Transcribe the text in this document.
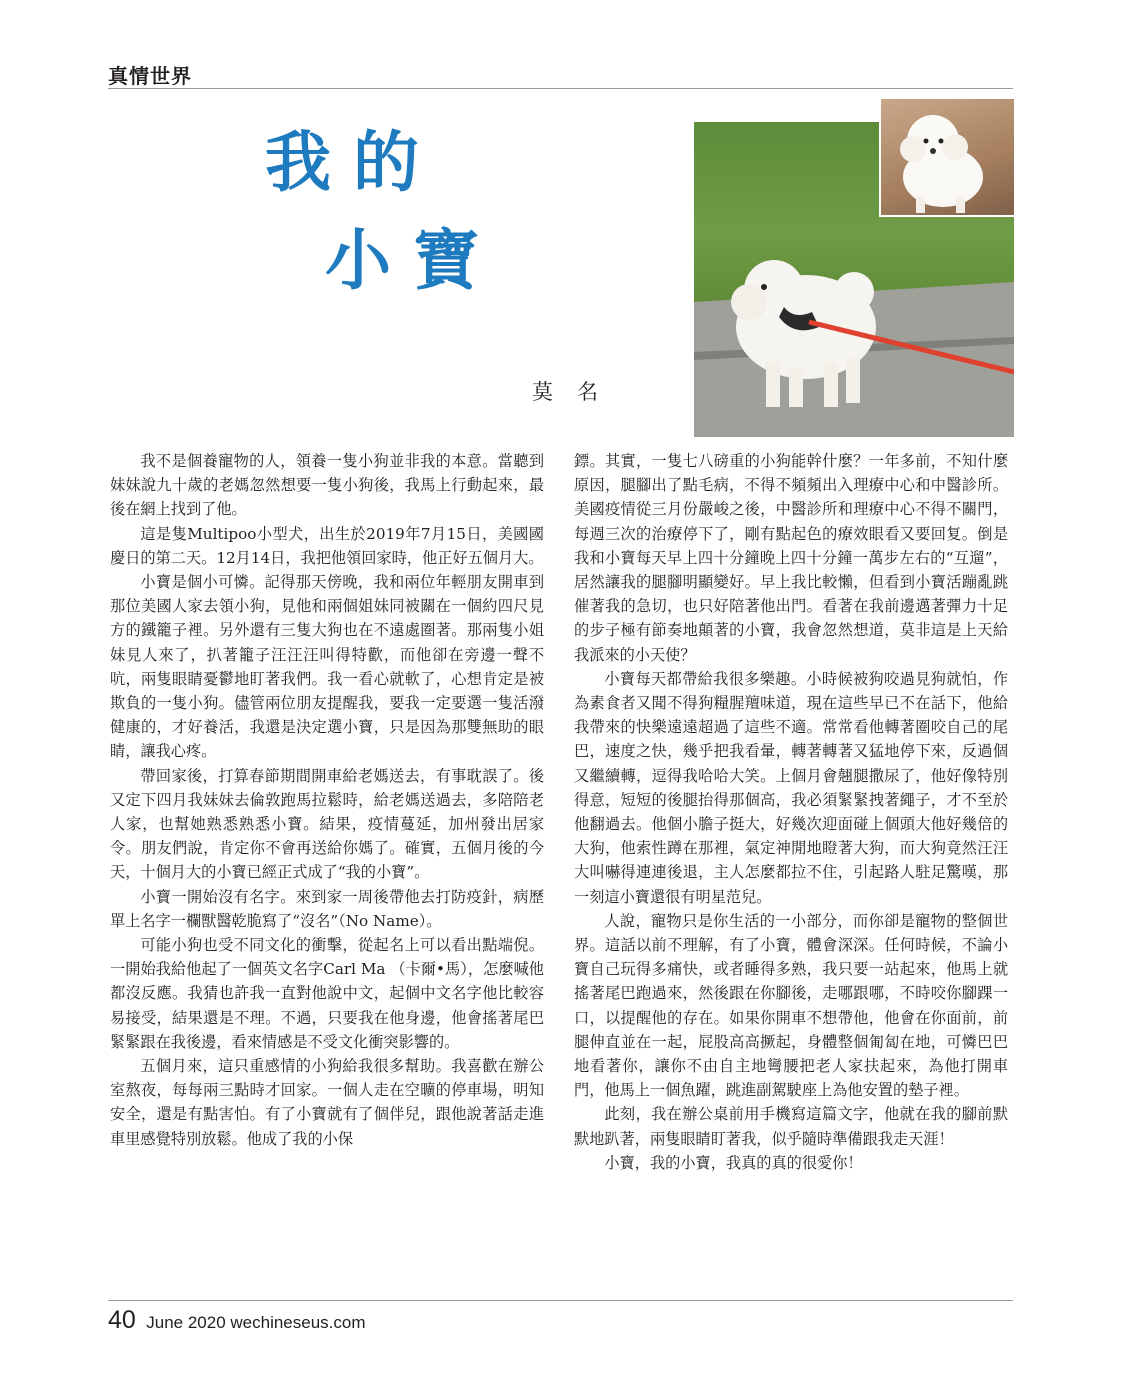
真情世界
我的
小寶
莫名

我不是個養寵物的人，領養一隻小狗並非我的本意。當聽到妹妹說九十歲的老媽忽然想要一隻小狗後，我馬上行動起來，最後在網上找到了他。

這是隻Multipoo小型犬，出生於2019年7月15日，美國國慶日的第二天。12月14日，我把他領回家時，他正好五個月大。

小寶是個小可憐。記得那天傍晚，我和兩位年輕朋友開車到那位美國人家去領小狗，見他和兩個姐妹同被關在一個約四尺見方的鐵籠子裡。另外還有三隻大狗也在不遠處圈著。那兩隻小姐妹見人來了，扒著籠子汪汪汪叫得特歡，而他卻在旁邊一聲不吭，兩隻眼睛憂鬱地盯著我們。我一看心就軟了，心想肯定是被欺負的一隻小狗。儘管兩位朋友提醒我，要我一定要選一隻活潑健康的，才好養活，我還是決定選小寶，只是因為那雙無助的眼睛，讓我心疼。

帶回家後，打算春節期間開車給老媽送去，有事耽誤了。後又定下四月我妹妹去倫敦跑馬拉鬆時，給老媽送過去，多陪陪老人家，也幫她熟悉熟悉小寶。結果，疫情蔓延，加州發出居家令。朋友們說，肯定你不會再送給你媽了。確實，五個月後的今天，十個月大的小寶已經正式成了“我的小寶”。

小寶一開始沒有名字。來到家一周後帶他去打防疫針，病歷單上名字一欄獸醫乾脆寫了“沒名”（No Name）。

可能小狗也受不同文化的衝擊，從起名上可以看出點端倪。一開始我給他起了一個英文名字Carl Ma （卡爾•馬），怎麼喊他都沒反應。我猜也許我一直對他說中文，起個中文名字他比較容易接受，結果還是不理。不過，只要我在他身邊，他會搖著尾巴緊緊跟在我後邊，看來情感是不受文化衝突影響的。

五個月來，這只重感情的小狗給我很多幫助。我喜歡在辦公室熬夜，每每兩三點時才回家。一個人走在空曠的停車場，明知安全，還是有點害怕。有了小寶就有了個伴兒，跟他說著話走進車里感覺特別放鬆。他成了我的小保

鏢。其實，一隻七八磅重的小狗能幹什麼？一年多前，不知什麼原因，腿腳出了點毛病，不得不頻頻出入理療中心和中醫診所。美國疫情從三月份嚴峻之後，中醫診所和理療中心不得不關門，每週三次的治療停下了，剛有點起色的療效眼看又要回复。倒是我和小寶每天早上四十分鐘晚上四十分鐘一萬步左右的“互遛”，居然讓我的腿腳明顯變好。早上我比較懶，但看到小寶活蹦亂跳催著我的急切，也只好陪著他出門。看著在我前邊邁著彈力十足的步子極有節奏地顛著的小寶，我會忽然想道，莫非這是上天給我派來的小天使？

小寶每天都帶給我很多樂趣。小時候被狗咬過見狗就怕，作為素食者又聞不得狗糧腥羶味道，現在這些早已不在話下，他給我帶來的快樂遠遠超過了這些不適。常常看他轉著圈咬自己的尾巴，速度之快，幾乎把我看暈，轉著轉著又猛地停下來，反過個又繼續轉，逗得我哈哈大笑。上個月會翹腿撒尿了，他好像特別得意，短短的後腿抬得那個高，我必須緊緊拽著繩子，才不至於他翻過去。他個小膽子挺大，好幾次迎面碰上個頭大他好幾倍的大狗，他索性蹲在那裡，氣定神閒地瞪著大狗，而大狗竟然汪汪大叫嚇得連連後退，主人怎麼都拉不住，引起路人駐足驚嘆，那一刻這小寶還很有明星范兒。

人說，寵物只是你生活的一小部分，而你卻是寵物的整個世界。這話以前不理解，有了小寶，體會深深。任何時候，不論小寶自己玩得多痛快，或者睡得多熟，我只要一站起來，他馬上就搖著尾巴跑過來，然後跟在你腳後，走哪跟哪，不時咬你腳踝一口，以提醒他的存在。如果你開車不想帶他，他會在你面前，前腿伸直並在一起，屁股高高撅起，身體整個匍匐在地，可憐巴巴地看著你，讓你不由自主地彎腰把老人家扶起來，為他打開車門，他馬上一個魚躍，跳進副駕駛座上為他安置的墊子裡。

此刻，我在辦公桌前用手機寫這篇文字，他就在我的腳前默默地趴著，兩隻眼睛盯著我，似乎隨時準備跟我走天涯！

小寶，我的小寶，我真的真的很愛你！

40 June 2020 wechineseus.com
